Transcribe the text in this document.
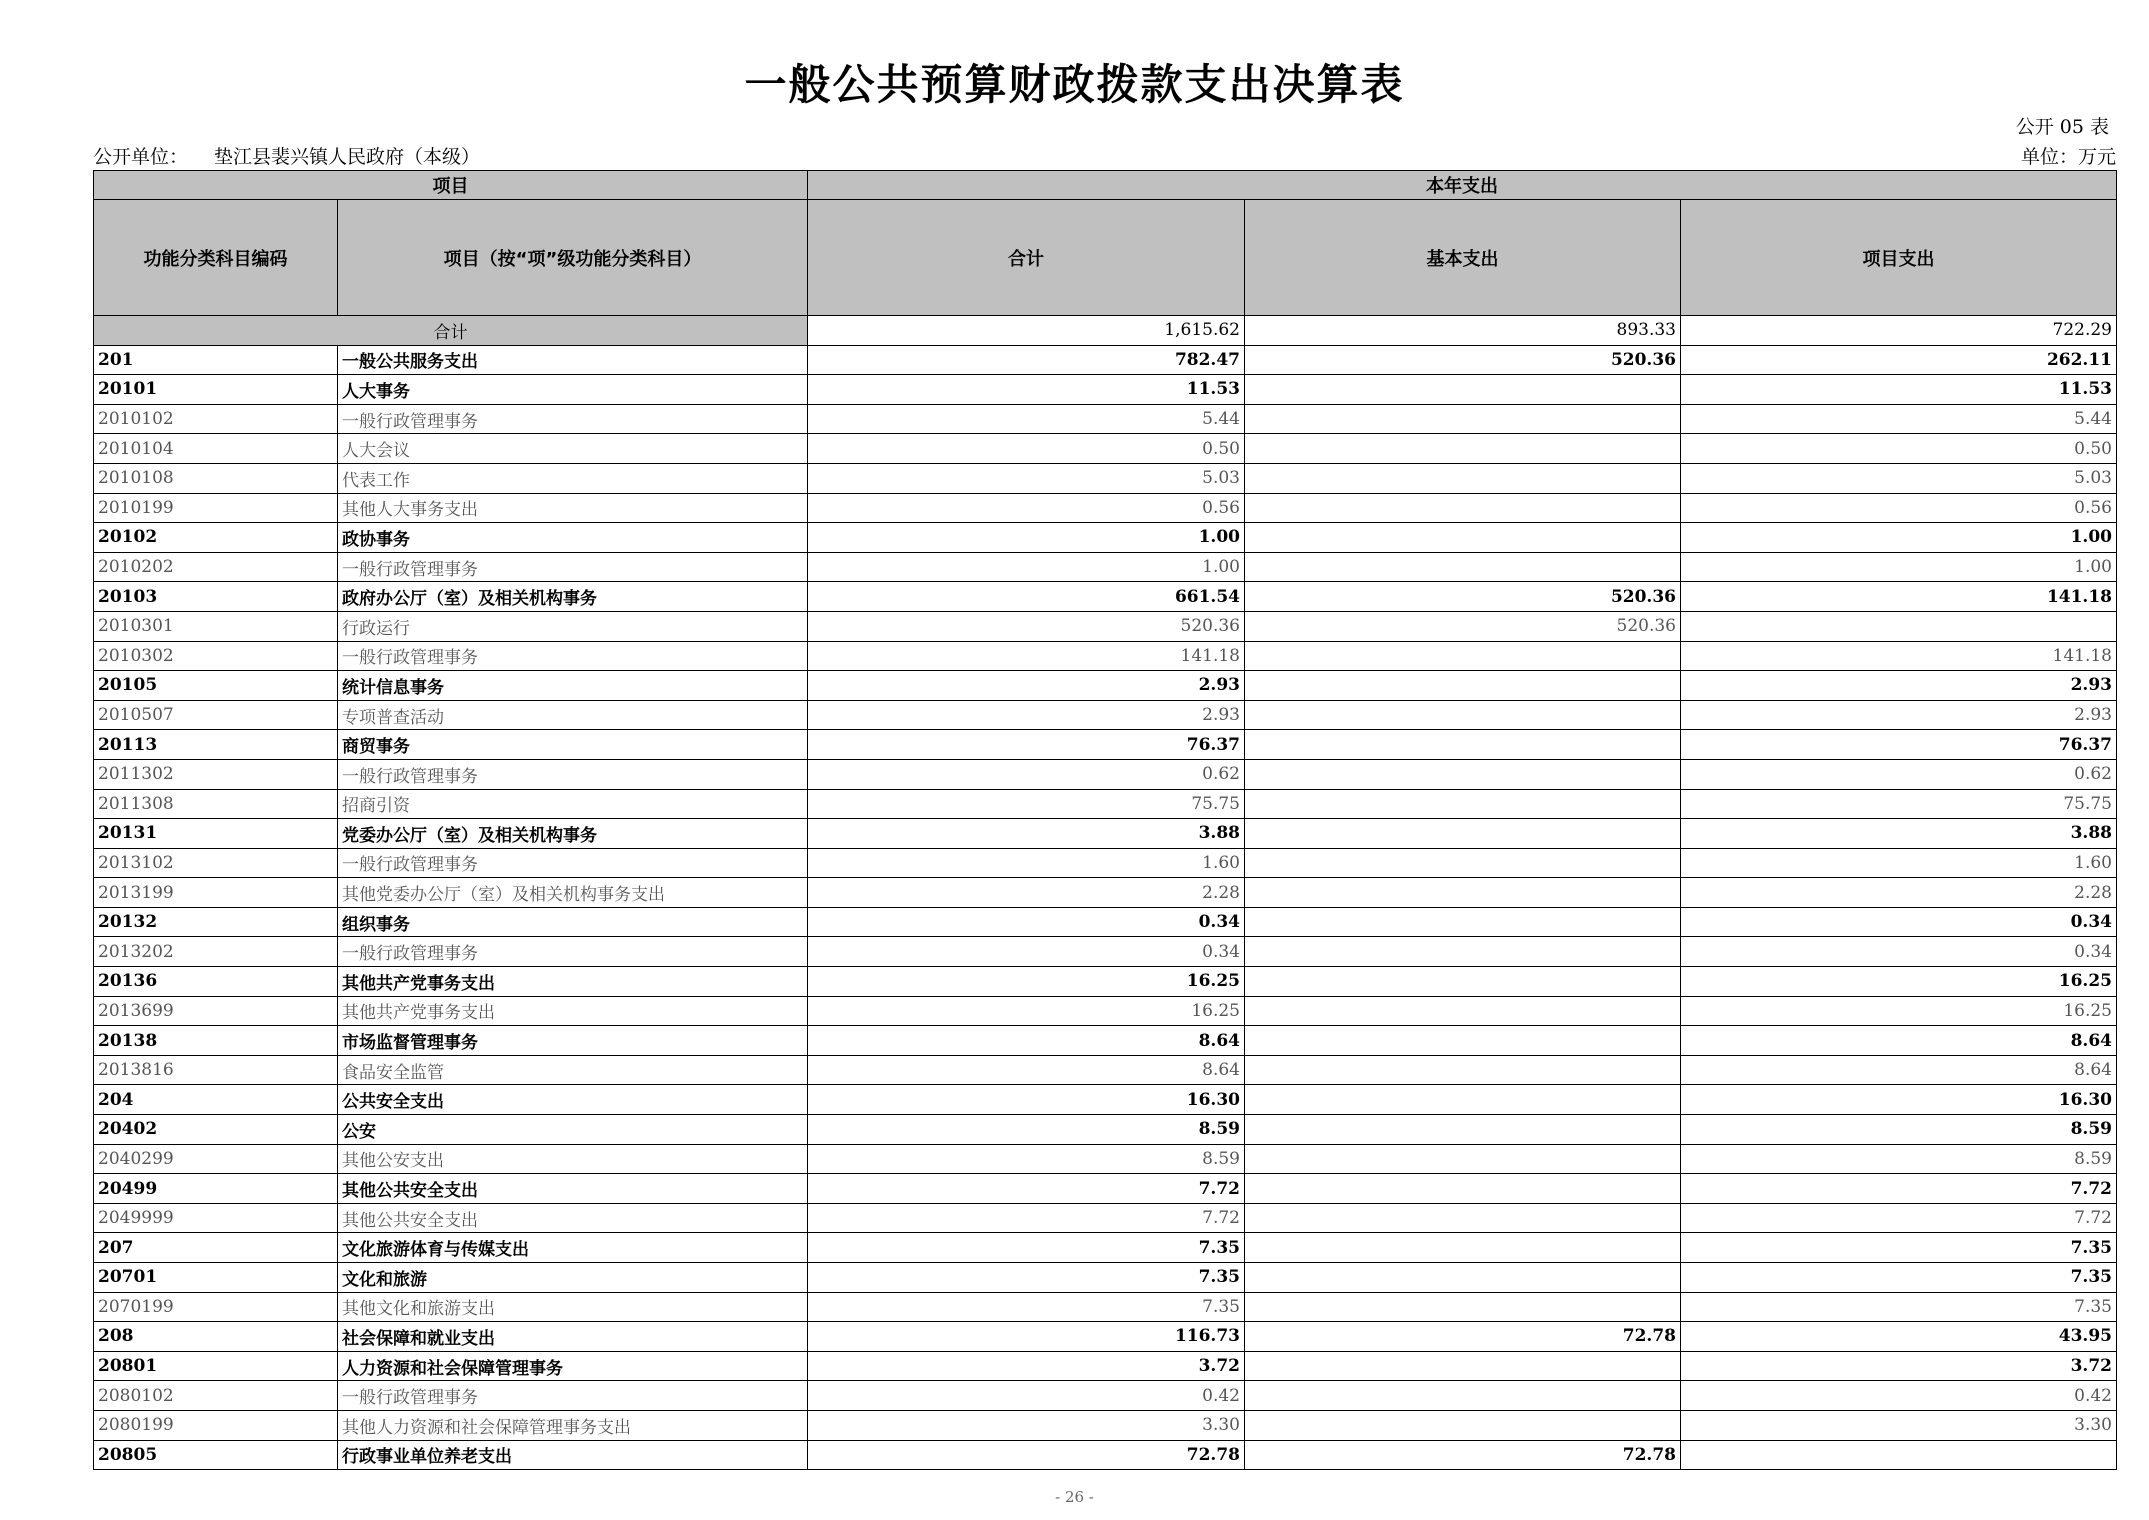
一般公共预算财政拨款支出决算表
公开 05 表
公开单位： 垫江县裴兴镇人民政府（本级）	单位：万元
项目		本年支出		
功能分类科目编码	项目（按“项”级功能分类科目）	合计	基本支出	项目支出
合计		1,615.62	893.33	722.29
201	一般公共服务支出	782.47	520.36	262.11
20101	人大事务	11.53		11.53
2010102	一般行政管理事务	5.44		5.44
2010104	人大会议	0.50		0.50
2010108	代表工作	5.03		5.03
2010199	其他人大事务支出	0.56		0.56
20102	政协事务	1.00		1.00
2010202	一般行政管理事务	1.00		1.00
20103	政府办公厅（室）及相关机构事务	661.54	520.36	141.18
2010301	行政运行	520.36	520.36	
2010302	一般行政管理事务	141.18		141.18
20105	统计信息事务	2.93		2.93
2010507	专项普查活动	2.93		2.93
20113	商贸事务	76.37		76.37
2011302	一般行政管理事务	0.62		0.62
2011308	招商引资	75.75		75.75
20131	党委办公厅（室）及相关机构事务	3.88		3.88
2013102	一般行政管理事务	1.60		1.60
2013199	其他党委办公厅（室）及相关机构事务支出	2.28		2.28
20132	组织事务	0.34		0.34
2013202	一般行政管理事务	0.34		0.34
20136	其他共产党事务支出	16.25		16.25
2013699	其他共产党事务支出	16.25		16.25
20138	市场监督管理事务	8.64		8.64
2013816	食品安全监管	8.64		8.64
204	公共安全支出	16.30		16.30
20402	公安	8.59		8.59
2040299	其他公安支出	8.59		8.59
20499	其他公共安全支出	7.72		7.72
2049999	其他公共安全支出	7.72		7.72
207	文化旅游体育与传媒支出	7.35		7.35
20701	文化和旅游	7.35		7.35
2070199	其他文化和旅游支出	7.35		7.35
208	社会保障和就业支出	116.73	72.78	43.95
20801	人力资源和社会保障管理事务	3.72		3.72
2080102	一般行政管理事务	0.42		0.42
2080199	其他人力资源和社会保障管理事务支出	3.30		3.30
20805	行政事业单位养老支出	72.78	72.78	
- 26 -
